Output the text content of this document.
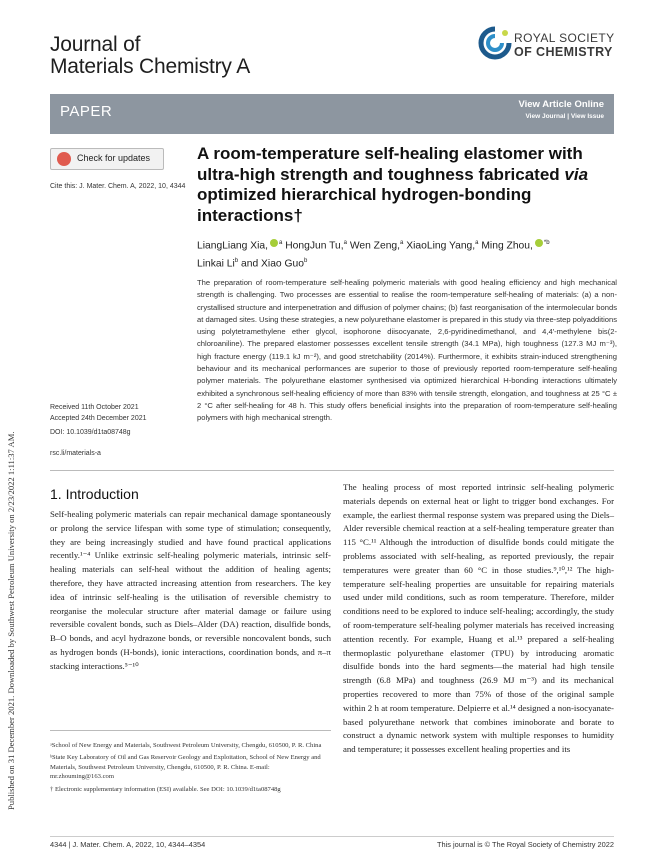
Published on 31 December 2021. Downloaded by Southwest Petroleum University on 2/23/2022 1:11:37 AM.
Journal of
Materials Chemistry A
ROYAL SOCIETY
OF CHEMISTRY
PAPER	View Article Online
View Journal | View Issue
Check for updates
Cite this: J. Mater. Chem. A, 2022, 10, 4344
A room-temperature self-healing elastomer with ultra-high strength and toughness fabricated via optimized hierarchical hydrogen-bonding interactions†
LiangLiang Xia, $^a$ HongJun Tu,$^a$ Wen Zeng,$^a$ XiaoLing Yang,$^a$ Ming Zhou, $^{*b}$
Linkai Li$^b$ and Xiao Guo$^b$
The preparation of room-temperature self-healing polymeric materials with good healing efficiency and high mechanical strength is challenging. Two processes are essential to realise the room-temperature self-healing of materials: (a) a non-crystallised structure and interpenetration and diffusion of polymer chains; (b) fast reorganisation of the intermolecular bonds at damaged sites. Using these strategies, a new polyurethane elastomer is prepared in this study via three-step polyadditions using polytetramethylene ether glycol, isophorone diisocyanate, 2,6-pyridinedimethanol, and 4,4′-methylene bis(2-chloroaniline). The prepared elastomer possesses excellent tensile strength (34.1 MPa), high toughness (127.3 MJ m⁻³), high fracture energy (119.1 kJ m⁻²), and good stretchability (2014%). Furthermore, it exhibits strain-induced strengthening behaviour and its mechanical performances are superior to those of previously reported room-temperature self-healing polymer materials. The polyurethane elastomer synthesised via optimized hierarchical H-bonding interactions ultimately exhibited a synchronous self-healing efficiency of more than 83% with tensile strength, elongation, and toughness at 25 °C ± 2 °C after self-healing for 48 h. This study offers beneficial insights into the preparation of room-temperature self-healing polymers with high mechanical strength.
Received 11th October 2021
Accepted 24th December 2021
DOI: 10.1039/d1ta08748g
rsc.li/materials-a
1. Introduction
Self-healing polymeric materials can repair mechanical damage spontaneously or prolong the service lifespan with some type of stimulation; consequently, they are being increasingly studied and have found practical applications recently.¹⁻⁴ Unlike extrinsic self-healing polymeric materials, intrinsic self-healing materials can self-heal without the addition of healing agents; therefore, they have attracted increasing attention from researchers. The key idea of intrinsic self-healing is the utilisation of reversible chemistry to reorganise the molecular structure after material damage or failure using reversible covalent bonds, such as Diels–Alder (DA) reaction, disulfide bonds, B–O bonds, and acyl hydrazone bonds, or reversible noncovalent bonds, such as hydrogen bonds (H-bonds), ionic interactions, coordination bonds, and π–π stacking interactions.⁵⁻¹⁰
The healing process of most reported intrinsic self-healing polymeric materials depends on external heat or light to trigger bond exchanges. For example, the earliest thermal response system was prepared using the Diels–Alder reversible chemical reaction at a self-healing temperature greater than 115 °C.¹¹ Although the introduction of disulfide bonds could mitigate the problems associated with self-healing, as reported previously, the repair temperatures were greater than 60 °C in those studies.⁹,¹⁰,¹² The high-temperature self-healing properties are unsuitable for repairing materials used under mild conditions, such as room temperature. Therefore, milder conditions need to be explored to induce self-healing; accordingly, the study of room-temperature self-healing polymer materials has received increasing attention recently. For example, Huang et al.¹³ prepared a self-healing thermoplastic polyurethane elastomer (TPU) by introducing aromatic disulfide bonds into the hard segments—the material had high tensile strength (6.8 MPa) and toughness (26.9 MJ m⁻³) and its mechanical properties recovered to more than 75% of those of the original sample within 2 h at room temperature. Delpierre et al.¹⁴ designed a non-isocyanate-based polyurethane network that combines iminoborate and borate to construct a dynamic network system with multiple responses to humidity and temperature; it possesses excellent healing properties and its
ᵃSchool of New Energy and Materials, Southwest Petroleum University, Chengdu, 610500, P. R. China
ᵇState Key Laboratory of Oil and Gas Reservoir Geology and Exploitation, School of New Energy and Materials, Southwest Petroleum University, Chengdu, 610500, P. R. China. E-mail: mr.zhouming@163.com
† Electronic supplementary information (ESI) available. See DOI: 10.1039/d1ta08748g
4344 | J. Mater. Chem. A, 2022, 10, 4344–4354	This journal is © The Royal Society of Chemistry 2022
